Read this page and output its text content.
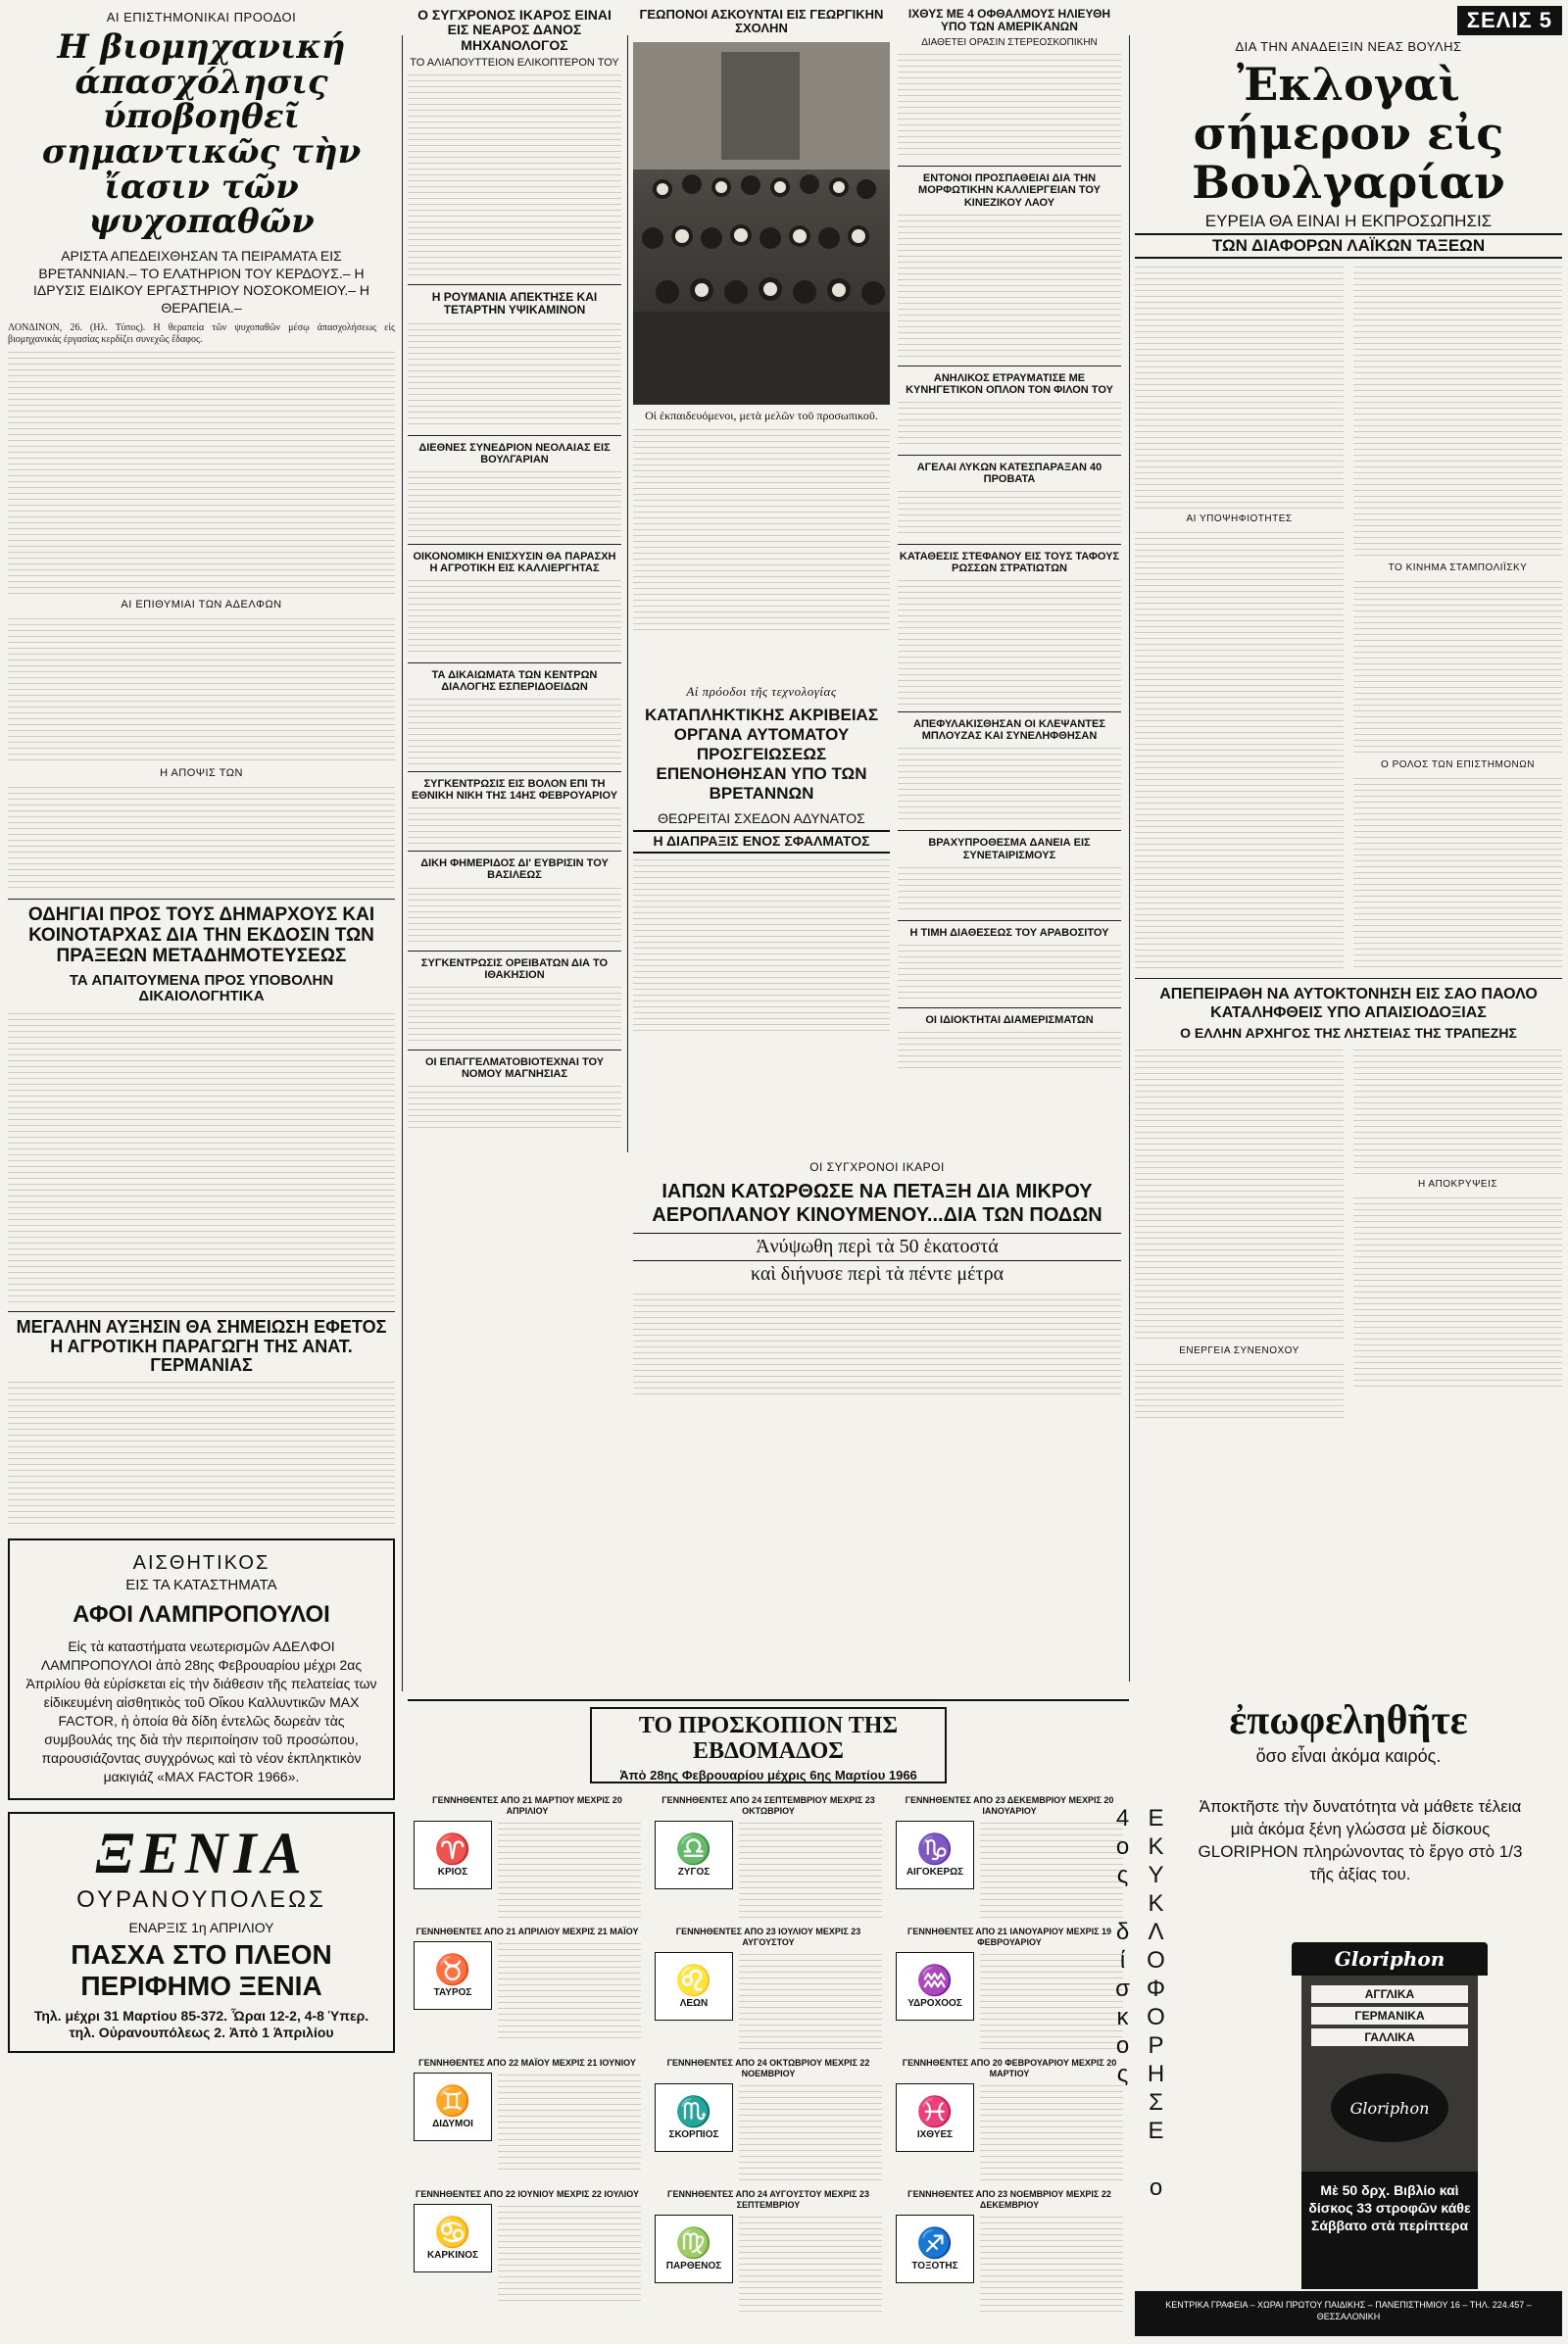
ΑΙ ΕΠΙΣΤΗΜΟΝΙΚΑΙ ΠΡΟΟΔΟΙ
Η βιομηχανική άπασχόλησις ύποβοηθεῖ σημαντικῶς τὴν ἴασιν τῶν ψυχοπαθῶν
ΑΡΙΣΤΑ ΑΠΕΔΕΙΧΘΗΣΑΝ ΤΑ ΠΕΙΡΑΜΑΤΑ ΕΙΣ ΒΡΕΤΑΝΝΙΑΝ.– ΤΟ ΕΛΑΤΗΡΙΟΝ ΤΟΥ ΚΕΡΔΟΥΣ.– Η ΙΔΡΥΣΙΣ ΕΙΔΙΚΟΥ ΕΡΓΑΣΤΗΡΙΟΥ ΝΟΣΟΚΟΜΕΙΟΥ.– Η ΘΕΡΑΠΕΙΑ.–
ΛΟΝΔΙΝΟΝ, 26. (Ηλ. Τύπος). Η θεραπεία τῶν ψυχοπαθῶν μέσῳ ἀπασχολήσεως εἰς βιομηχανικὰς ἐργασίας κερδίζει συνεχῶς ἔδαφος.
ΑΙ ΕΠΙΘΥΜΙΑΙ ΤΩΝ ΑΔΕΛΦΩΝ
Η ΑΠΟΨΙΣ ΤΩΝ
ΟΔΗΓΙΑΙ ΠΡΟΣ ΤΟΥΣ ΔΗΜΑΡΧΟΥΣ ΚΑΙ ΚΟΙΝΟΤΑΡΧΑΣ ΔΙΑ ΤΗΝ ΕΚΔΟΣΙΝ ΤΩΝ ΠΡΑΞΕΩΝ ΜΕΤΑΔΗΜΟΤΕΥΣΕΩΣ
ΤΑ ΑΠΑΙΤΟΥΜΕΝΑ ΠΡΟΣ ΥΠΟΒΟΛΗΝ ΔΙΚΑΙΟΛΟΓΗΤΙΚΑ
ΜΕΓΑΛΗΝ ΑΥΞΗΣΙΝ ΘΑ ΣΗΜΕΙΩΣΗ ΕΦΕΤΟΣ Η ΑΓΡΟΤΙΚΗ ΠΑΡΑΓΩΓΗ ΤΗΣ ΑΝΑΤ. ΓΕΡΜΑΝΙΑΣ
ΑΙΣΘΗΤΙΚΟΣ
ΕΙΣ ΤΑ ΚΑΤΑΣΤΗΜΑΤΑ
ΑΦΟΙ ΛΑΜΠΡΟΠΟΥΛΟΙ
Εἰς τὰ καταστήματα νεωτερισμῶν ΑΔΕΛΦΟΙ ΛΑΜΠΡΟΠΟΥΛΟΙ ἀπὸ 28ης Φεβρουαρίου μέχρι 2ας Ἀπριλίου θὰ εὑρίσκεται εἰς τὴν διάθεσιν τῆς πελατείας των εἰδικευμένη αἰσθητικὸς τοῦ Οἴκου Καλλυντικῶν MAX FACTOR, ἡ ὁποία θὰ δίδη ἐντελῶς δωρεὰν τὰς συμβουλάς της διὰ τὴν περιποίησιν τοῦ προσώπου, παρουσιάζοντας συγχρόνως καὶ τὸ νέον ἐκπληκτικὸν μακιγιάζ «MAX FACTOR 1966».
ΞΕΝΙΑ
ΟΥΡΑΝΟΥΠΟΛΕΩΣ
ΕΝΑΡΞΙΣ 1η ΑΠΡΙΛΙΟΥ
ΠΑΣΧΑ ΣΤΟ ΠΛΕΟΝ ΠΕΡΙΦΗΜΟ ΞΕΝΙΑ
Τηλ. μέχρι 31 Μαρτίου 85-372. Ὧραι 12-2, 4-8 Ὑπερ. τηλ. Οὐρανουπόλεως 2. Ἀπὸ 1 Ἀπριλίου
Ο ΣΥΓΧΡΟΝΟΣ ΙΚΑΡΟΣ ΕΙΝΑΙ ΕΙΣ ΝΕΑΡΟΣ ΔΑΝΟΣ ΜΗΧΑΝΟΛΟΓΟΣ
ΤΟ ΑΛΙΑΠΟΥΤΤΕΙΟΝ ΕΛΙΚΟΠΤΕΡΟΝ ΤΟΥ
Η ΡΟΥΜΑΝΙΑ ΑΠΕΚΤΗΣΕ ΚΑΙ ΤΕΤΑΡΤΗΝ ΥΨΙΚΑΜΙΝΟΝ
ΔΙΕΘΝΕΣ ΣΥΝΕΔΡΙΟΝ ΝΕΟΛΑΙΑΣ ΕΙΣ ΒΟΥΛΓΑΡΙΑΝ
ΟΙΚΟΝΟΜΙΚΗ ΕΝΙΣΧΥΣΙΝ ΘΑ ΠΑΡΑΣΧΗ Η ΑΓΡΟΤΙΚΗ ΕΙΣ ΚΑΛΛΙΕΡΓΗΤΑΣ
ΤΑ ΔΙΚΑΙΩΜΑΤΑ ΤΩΝ ΚΕΝΤΡΩΝ ΔΙΑΛΟΓΗΣ ΕΣΠΕΡΙΔΟΕΙΔΩΝ
ΣΥΓΚΕΝΤΡΩΣΙΣ ΕΙΣ ΒΟΛΟΝ ΕΠΙ ΤΗ ΕΘΝΙΚΗ ΝΙΚΗ ΤΗΣ 14ΗΣ ΦΕΒΡΟΥΑΡΙΟΥ
ΔΙΚΗ ΦΗΜΕΡΙΔΟΣ ΔΙ' ΕΥΒΡΙΣΙΝ ΤΟΥ ΒΑΣΙΛΕΩΣ
ΣΥΓΚΕΝΤΡΩΣΙΣ ΟΡΕΙΒΑΤΩΝ ΔΙΑ ΤΟ ΙΘΑΚΗΣΙΟΝ
ΟΙ ΕΠΑΓΓΕΛΜΑΤΟΒΙΟΤΕΧΝΑΙ ΤΟΥ ΝΟΜΟΥ ΜΑΓΝΗΣΙΑΣ
ΓΕΩΠΟΝΟΙ ΑΣΚΟΥΝΤΑΙ ΕΙΣ ΓΕΩΡΓΙΚΗΝ ΣΧΟΛΗΝ
Οἱ ἐκπαιδευόμενοι, μετὰ μελῶν τοῦ προσωπικοῦ.
ΙΧΘΥΣ ΜΕ 4 ΟΦΘΑΛΜΟΥΣ ΗΛΙΕΥΘΗ ΥΠΟ ΤΩΝ ΑΜΕΡΙΚΑΝΩΝ
ΔΙΑΘΕΤΕΙ ΟΡΑΣΙΝ ΣΤΕΡΕΟΣΚΟΠΙΚΗΝ
ΕΝΤΟΝΟΙ ΠΡΟΣΠΑΘΕΙΑΙ ΔΙΑ ΤΗΝ ΜΟΡΦΩΤΙΚΗΝ ΚΑΛΛΙΕΡΓΕΙΑΝ ΤΟΥ ΚΙΝΕΖΙΚΟΥ ΛΑΟΥ
ΑΝΗΛΙΚΟΣ ΕΤΡΑΥΜΑΤΙΣΕ ΜΕ ΚΥΝΗΓΕΤΙΚΟΝ ΟΠΛΟΝ ΤΟΝ ΦΙΛΟΝ ΤΟΥ
ΑΓΕΛΑΙ ΛΥΚΩΝ ΚΑΤΕΣΠΑΡΑΞΑΝ 40 ΠΡΟΒΑΤΑ
ΚΑΤΑΘΕΣΙΣ ΣΤΕΦΑΝΟΥ ΕΙΣ ΤΟΥΣ ΤΑΦΟΥΣ ΡΩΣΣΩΝ ΣΤΡΑΤΙΩΤΩΝ
ΑΠΕΦΥΛΑΚΙΣΘΗΣΑΝ ΟΙ ΚΛΕΨΑΝΤΕΣ ΜΠΛΟΥΖΑΣ ΚΑΙ ΣΥΝΕΛΗΦΘΗΣΑΝ
ΒΡΑΧΥΠΡΟΘΕΣΜΑ ΔΑΝΕΙΑ ΕΙΣ ΣΥΝΕΤΑΙΡΙΣΜΟΥΣ
Η ΤΙΜΗ ΔΙΑΘΕΣΕΩΣ ΤΟΥ ΑΡΑΒΟΣΙΤΟΥ
ΟΙ ΙΔΙΟΚΤΗΤΑΙ ΔΙΑΜΕΡΙΣΜΑΤΩΝ
Αἱ πρόοδοι τῆς τεχνολογίας
ΚΑΤΑΠΛΗΚΤΙΚΗΣ ΑΚΡΙΒΕΙΑΣ ΟΡΓΑΝΑ ΑΥΤΟΜΑΤΟΥ ΠΡΟΣΓΕΙΩΣΕΩΣ ΕΠΕΝΟΗΘΗΣΑΝ ΥΠΟ ΤΩΝ ΒΡΕΤΑΝΝΩΝ
ΘΕΩΡΕΙΤΑΙ ΣΧΕΔΟΝ ΑΔΥΝΑΤΟΣ
Η ΔΙΑΠΡΑΞΙΣ ΕΝΟΣ ΣΦΑΛΜΑΤΟΣ
ΟΙ ΣΥΓΧΡΟΝΟΙ ΙΚΑΡΟΙ
ΙΑΠΩΝ ΚΑΤΩΡΘΩΣΕ ΝΑ ΠΕΤΑΞΗ ΔΙΑ ΜΙΚΡΟΥ ΑΕΡΟΠΛΑΝΟΥ ΚΙΝΟΥΜΕΝΟΥ...ΔΙΑ ΤΩΝ ΠΟΔΩΝ
Ἀνύψωθη περὶ τὰ 50 ἑκατοστά
καὶ διήνυσε περὶ τὰ πέντε μέτρα
ΣΕΛΙΣ 5
ΔΙΑ ΤΗΝ ΑΝΑΔΕΙΞΙΝ ΝΕΑΣ ΒΟΥΛΗΣ
Ἐκλογαὶ σήμερον εἰς Βουλγαρίαν
ΕΥΡΕΙΑ ΘΑ ΕΙΝΑΙ Η ΕΚΠΡΟΣΩΠΗΣΙΣ
ΤΩΝ ΔΙΑΦΟΡΩΝ ΛΑΪΚΩΝ ΤΑΞΕΩΝ
ΑΙ ΥΠΟΨΗΦΙΟΤΗΤΕΣ
ΤΟ ΚΙΝΗΜΑ ΣΤΑΜΠΟΛΙΪΣΚΥ
Ο ΡΟΛΟΣ ΤΩΝ ΕΠΙΣΤΗΜΟΝΩΝ
ΑΠΕΠΕΙΡΑΘΗ ΝΑ ΑΥΤΟΚΤΟΝΗΣΗ ΕΙΣ ΣΑΟ ΠΑΟΛΟ ΚΑΤΑΛΗΦΘΕΙΣ ΥΠΟ ΑΠΑΙΣΙΟΔΟΞΙΑΣ
Ο ΕΛΛΗΝ ΑΡΧΗΓΟΣ ΤΗΣ ΛΗΣΤΕΙΑΣ ΤΗΣ ΤΡΑΠΕΖΗΣ
ΕΝΕΡΓΕΙΑ ΣΥΝΕΝΟΧΟΥ
Η ΑΠΟΚΡΥΨΕΙΣ
ΤΟ ΠΡΟΣΚΟΠΙΟΝ ΤΗΣ ΕΒΔΟΜΑΔΟΣ
Ἀπὸ 28ης Φεβρουαρίου μέχρις 6ης Μαρτίου 1966
ΓΕΝΝΗΘΕΝΤΕΣ ΑΠΟ 21 ΜΑΡΤΙΟΥ ΜΕΧΡΙΣ 20 ΑΠΡΙΛΙΟΥ
♈
ΚΡΙΟΣ
ΓΕΝΝΗΘΕΝΤΕΣ ΑΠΟ 24 ΣΕΠΤΕΜΒΡΙΟΥ ΜΕΧΡΙΣ 23 ΟΚΤΩΒΡΙΟΥ
♎
ΖΥΓΟΣ
ΓΕΝΝΗΘΕΝΤΕΣ ΑΠΟ 23 ΔΕΚΕΜΒΡΙΟΥ ΜΕΧΡΙΣ 20 ΙΑΝΟΥΑΡΙΟΥ
♑
ΑΙΓΟΚΕΡΩΣ
ΓΕΝΝΗΘΕΝΤΕΣ ΑΠΟ 21 ΑΠΡΙΛΙΟΥ ΜΕΧΡΙΣ 21 ΜΑΪΟΥ
♉
ΤΑΥΡΟΣ
ΓΕΝΝΗΘΕΝΤΕΣ ΑΠΟ 23 ΙΟΥΛΙΟΥ ΜΕΧΡΙΣ 23 ΑΥΓΟΥΣΤΟΥ
♌
ΛΕΩΝ
ΓΕΝΝΗΘΕΝΤΕΣ ΑΠΟ 21 ΙΑΝΟΥΑΡΙΟΥ ΜΕΧΡΙΣ 19 ΦΕΒΡΟΥΑΡΙΟΥ
♒
ΥΔΡΟΧΟΟΣ
ΓΕΝΝΗΘΕΝΤΕΣ ΑΠΟ 22 ΜΑΪΟΥ ΜΕΧΡΙΣ 21 ΙΟΥΝΙΟΥ
♊
ΔΙΔΥΜΟΙ
ΓΕΝΝΗΘΕΝΤΕΣ ΑΠΟ 24 ΟΚΤΩΒΡΙΟΥ ΜΕΧΡΙΣ 22 ΝΟΕΜΒΡΙΟΥ
♏
ΣΚΟΡΠΙΟΣ
ΓΕΝΝΗΘΕΝΤΕΣ ΑΠΟ 20 ΦΕΒΡΟΥΑΡΙΟΥ ΜΕΧΡΙΣ 20 ΜΑΡΤΙΟΥ
♓
ΙΧΘΥΕΣ
ΓΕΝΝΗΘΕΝΤΕΣ ΑΠΟ 22 ΙΟΥΝΙΟΥ ΜΕΧΡΙΣ 22 ΙΟΥΛΙΟΥ
♋
ΚΑΡΚΙΝΟΣ
ΓΕΝΝΗΘΕΝΤΕΣ ΑΠΟ 24 ΑΥΓΟΥΣΤΟΥ ΜΕΧΡΙΣ 23 ΣΕΠΤΕΜΒΡΙΟΥ
♍
ΠΑΡΘΕΝΟΣ
ΓΕΝΝΗΘΕΝΤΕΣ ΑΠΟ 23 ΝΟΕΜΒΡΙΟΥ ΜΕΧΡΙΣ 22 ΔΕΚΕΜΒΡΙΟΥ
♐
ΤΟΞΟΤΗΣ
ἐπωφεληθῆτε
ὅσο εἶναι ἀκόμα καιρός.
ΕΚΥΚΛΟΦΟΡΗΣΕ ο 4ος δίσκος	Ἀποκτῆστε τὴν δυνατότητα νὰ μάθετε τέλεια μιὰ ἀκόμα ξένη γλώσσα μὲ δίσκους GLORIPHON πληρώνοντας τὸ ἔργο στὸ 1/3 τῆς ἀξίας του.
Gloriphon
ΑΓΓΛΙΚΑ
ΓΕΡΜΑΝΙΚΑ
ΓΑΛΛΙΚΑ
Gloriphon
Μὲ 50 δρχ. Βιβλίο καὶ δίσκος 33 στροφῶν κάθε Σάββατο στὰ περίπτερα
ΚΕΝΤΡΙΚΑ ΓΡΑΦΕΙΑ – ΧΩΡΑΙ ΠΡΩΤΟΥ ΠΑΙΔΙΚΗΣ – ΠΑΝΕΠΙΣΤΗΜΙΟΥ 16 – ΤΗΛ. 224.457 – ΘΕΣΣΑΛΟΝΙΚΗ
